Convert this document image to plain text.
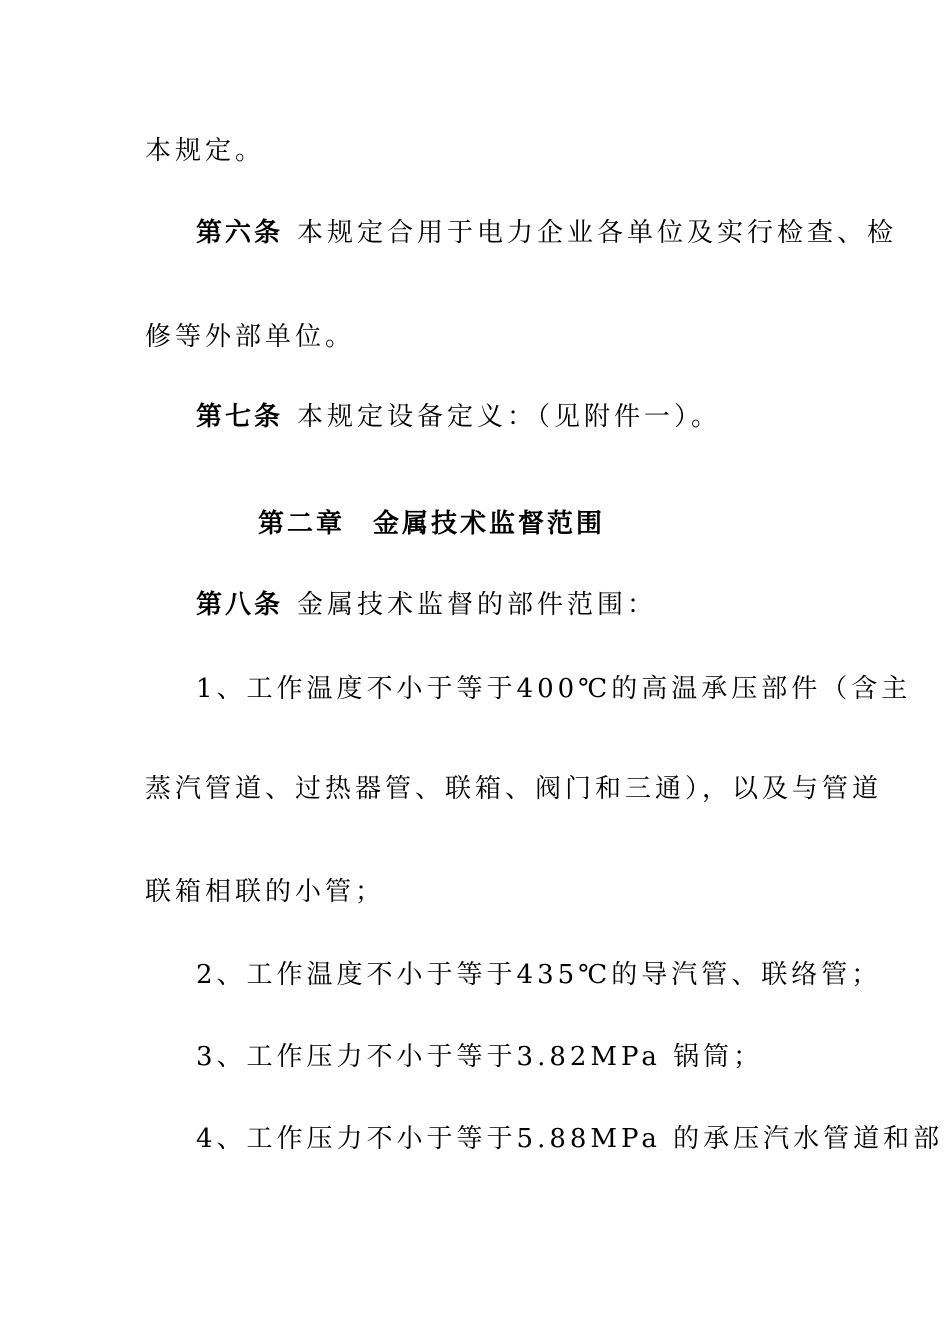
本规定。
第六条 本规定合用于电力企业各单位及实行检查、检
修等外部单位。
第七条 本规定设备定义：（见附件一）。
第二章 金属技术监督范围
第八条 金属技术监督的部件范围：
1、工作温度不小于等于400℃的高温承压部件（含主
蒸汽管道、过热器管、联箱、阀门和三通），以及与管道
联箱相联的小管；
2、工作温度不小于等于435℃的导汽管、联络管；
3、工作压力不小于等于3.82MPa 锅筒；
4、工作压力不小于等于5.88MPa 的承压汽水管道和部
